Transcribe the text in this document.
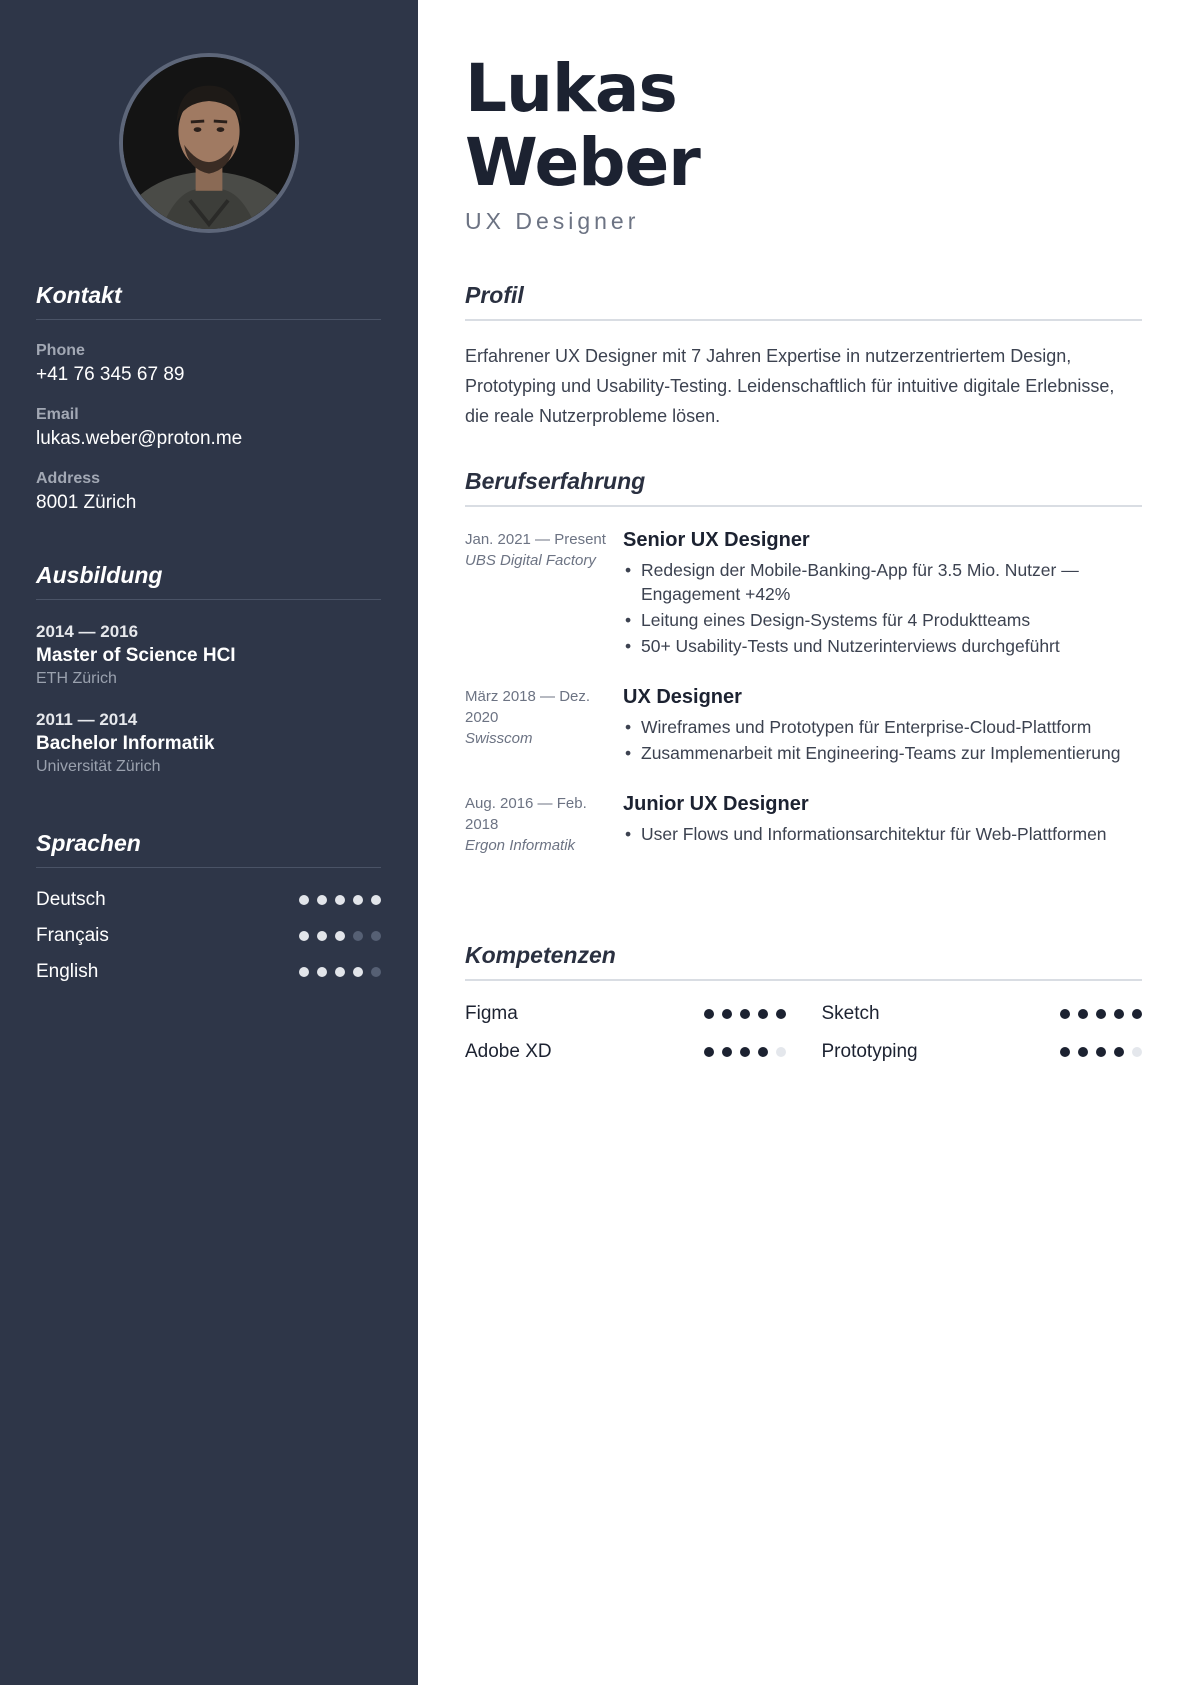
Kontakt
Phone
+41 76 345 67 89
Email
lukas.weber@proton.me
Address
8001 Zürich
Ausbildung
2014 — 2016
Master of Science HCI
ETH Zürich
2011 — 2014
Bachelor Informatik
Universität Zürich
Sprachen
Deutsch
Français
English
Lukas
Weber
UX Designer
Profil

Erfahrener UX Designer mit 7 Jahren Expertise in nutzerzentriertem Design, Prototyping und Usability-Testing. Leidenschaftlich für intuitive digitale Erlebnisse, die reale Nutzerprobleme lösen.

Berufserfahrung
Jan. 2021 — Present
UBS Digital Factory
Senior UX Designer
• Redesign der Mobile-Banking-App für 3.5 Mio. Nutzer — Engagement +42%
• Leitung eines Design-Systems für 4 Produktteams
• 50+ Usability-Tests und Nutzerinterviews durchgeführt
März 2018 — Dez. 2020
Swisscom
UX Designer
• Wireframes und Prototypen für Enterprise-Cloud-Plattform
• Zusammenarbeit mit Engineering-Teams zur Implementierung
Aug. 2016 — Feb. 2018
Ergon Informatik
Junior UX Designer
• User Flows und Informationsarchitektur für Web-Plattformen
Kompetenzen
Figma	Sketch
Adobe XD	Prototyping
